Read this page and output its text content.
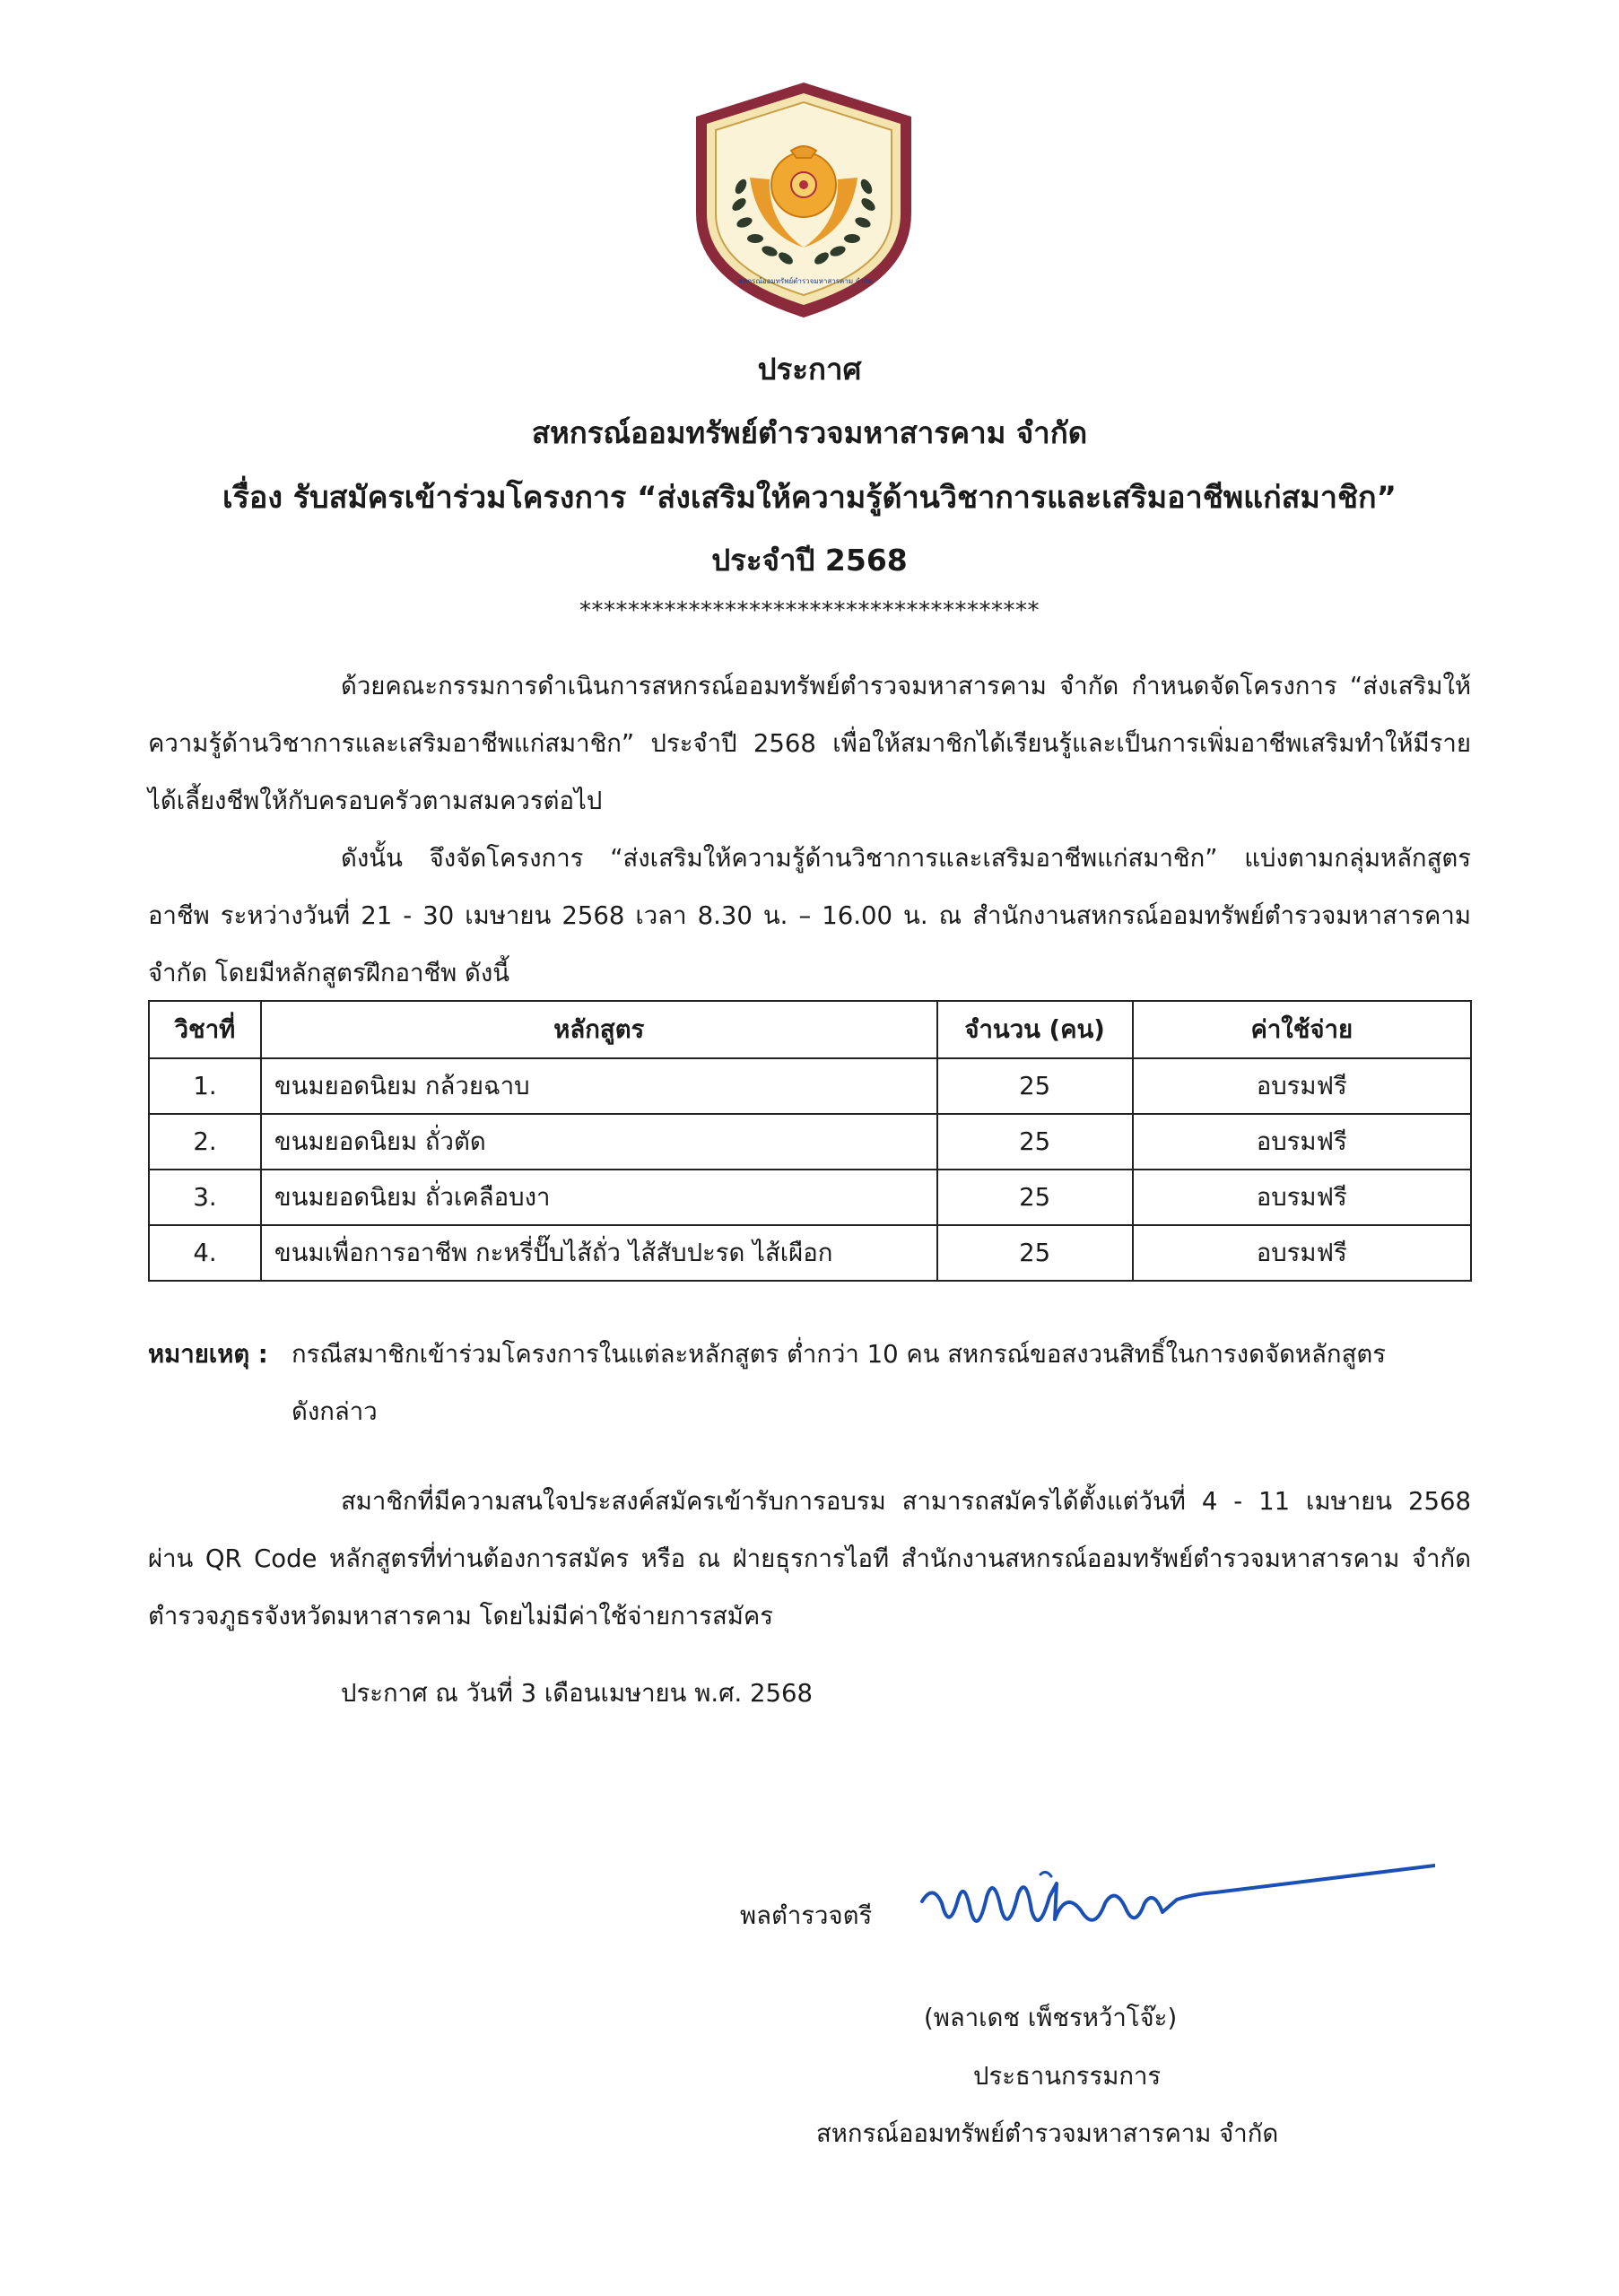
สหกรณ์ออมทรัพย์ตำรวจมหาสารคาม จำกัด
ประกาศ
สหกรณ์ออมทรัพย์ตำรวจมหาสารคาม จำกัด
เรื่อง รับสมัครเข้าร่วมโครงการ “ส่งเสริมให้ความรู้ด้านวิชาการและเสริมอาชีพแก่สมาชิก”
ประจำปี 2568
**************************************
ด้วยคณะกรรมการดำเนินการสหกรณ์ออมทรัพย์ตำรวจมหาสารคาม จำกัด กำหนดจัดโครงการ “ส่งเสริมให้ความรู้ด้านวิชาการและเสริมอาชีพแก่สมาชิก” ประจำปี 2568 เพื่อให้สมาชิกได้เรียนรู้และเป็นการเพิ่มอาชีพเสริมทำให้มีรายได้เลี้ยงชีพให้กับครอบครัวตามสมควรต่อไป
ดังนั้น จึงจัดโครงการ “ส่งเสริมให้ความรู้ด้านวิชาการและเสริมอาชีพแก่สมาชิก” แบ่งตามกลุ่มหลักสูตรอาชีพ ระหว่างวันที่ 21 - 30 เมษายน 2568 เวลา 8.30 น. – 16.00 น. ณ สำนักงานสหกรณ์ออมทรัพย์ตำรวจมหาสารคาม จำกัด โดยมีหลักสูตรฝึกอาชีพ ดังนี้
วิชาที่	หลักสูตร	จำนวน (คน)	ค่าใช้จ่าย
1.	ขนมยอดนิยม กล้วยฉาบ	25	อบรมฟรี
2.	ขนมยอดนิยม ถั่วตัด	25	อบรมฟรี
3.	ขนมยอดนิยม ถั่วเคลือบงา	25	อบรมฟรี
4.	ขนมเพื่อการอาชีพ กะหรี่ปั๊บไส้ถั่ว ไส้สับปะรด ไส้เผือก	25	อบรมฟรี
หมายเหตุ : กรณีสมาชิกเข้าร่วมโครงการในแต่ละหลักสูตร ต่ำกว่า 10 คน สหกรณ์ขอสงวนสิทธิ์ในการงดจัดหลักสูตร
ดังกล่าว
สมาชิกที่มีความสนใจประสงค์สมัครเข้ารับการอบรม สามารถสมัครได้ตั้งแต่วันที่ 4 - 11 เมษายน 2568 ผ่าน QR Code หลักสูตรที่ท่านต้องการสมัคร หรือ ณ ฝ่ายธุรการไอที สำนักงานสหกรณ์ออมทรัพย์ตำรวจมหาสารคาม จำกัด ตำรวจภูธรจังหวัดมหาสารคาม โดยไม่มีค่าใช้จ่ายการสมัคร
ประกาศ ณ วันที่ 3 เดือนเมษายน พ.ศ. 2568
พลตำรวจตรี
(พลาเดช เพ็ชรหว้าโจ๊ะ)
ประธานกรรมการ
สหกรณ์ออมทรัพย์ตำรวจมหาสารคาม จำกัด
